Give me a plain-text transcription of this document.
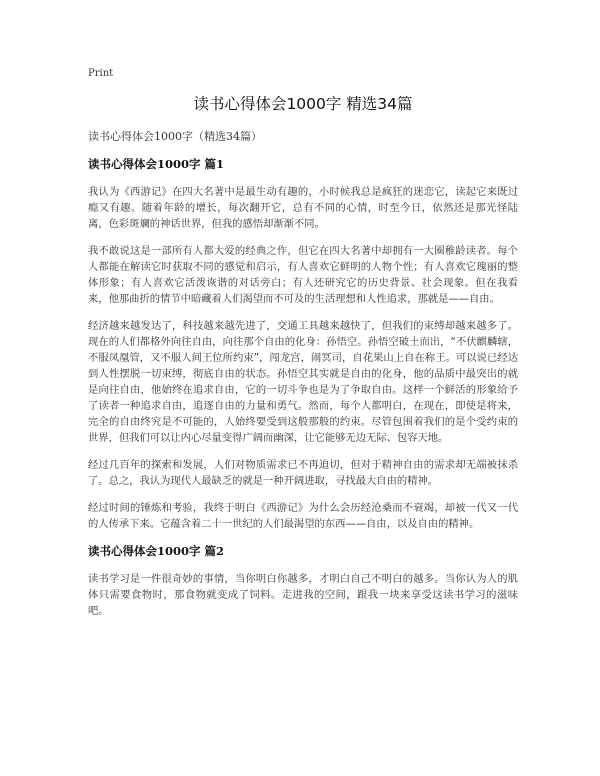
Print
读书心得体会1000字 精选34篇

读书心得体会1000字（精选34篇）

读书心得体会1000字 篇1

我认为《西游记》在四大名著中是最生动有趣的，小时候我总是疯狂的迷恋它，读起它来既过瘾又有趣。随着年龄的增长，每次翻开它，总有不同的心情，时至今日，依然还是那光怪陆离，色彩斑斓的神话世界，但我的感悟却渐渐不同。

我不敢说这是一部所有人都大爱的经典之作，但它在四大名著中却拥有一大圈稚龄读者。每个人都能在解读它时获取不同的感觉和启示，有人喜欢它鲜明的人物个性；有人喜欢它瑰丽的整体形象；有人喜欢它活泼诙谐的对话旁白；有人还研究它的历史背景、社会现象。但在我看来，他那曲折的情节中暗藏着人们渴望而不可及的生活理想和人性追求，那就是——自由。

经济越来越发达了，科技越来越先进了，交通工具越来越快了，但我们的束缚却越来越多了。现在的人们都格外向往自由，向往那个自由的化身：孙悟空。孙悟空破土而出，“不伏麒麟辖，不服凤凰管，又不服人间王位所约束”，闯龙宫，闹冥司，自花果山上自在称王。可以说已经达到人性摆脱一切束缚，彻底自由的状态。孙悟空其实就是自由的化身，他的品质中最突出的就是向往自由，他始终在追求自由，它的一切斗争也是为了争取自由。这样一个鲜活的形象给予了读者一种追求自由，追逐自由的力量和勇气。然而，每个人都明白，在现在，即使是将来，完全的自由终究是不可能的，人始终要受到这般那般的约束。尽管包围着我们的是个受约束的世界，但我们可以让内心尽量变得广阔而幽深，让它能够无边无际、包容天地。

经过几百年的探索和发展，人们对物质需求已不再迫切，但对于精神自由的需求却无端被抹杀了。总之，我认为现代人最缺乏的就是一种开阔进取，寻找最大自由的精神。

经过时间的锤炼和考验，我终于明白《西游记》为什么会历经沧桑而不衰竭，却被一代又一代的人传承下来。它蕴含着二十一世纪的人们最渴望的东西——自由，以及自由的精神。

读书心得体会1000字 篇2

读书学习是一件很奇妙的事情，当你明白你越多，才明白自己不明白的越多。当你认为人的肌体只需要食物时，那食物就变成了饲料。走进我的空间，跟我一块来享受这读书学习的滋味吧。
